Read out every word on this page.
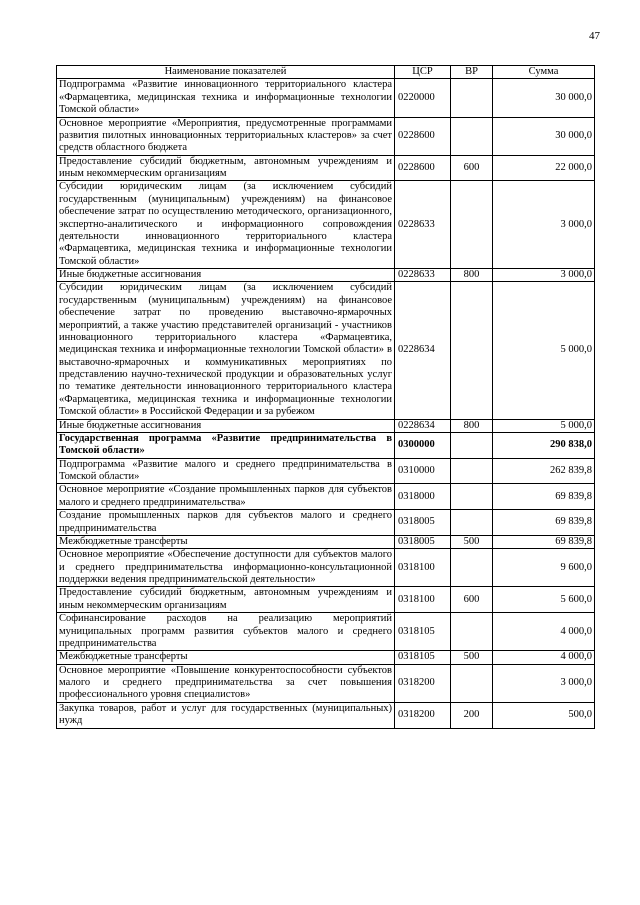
47
Наименование показателей	ЦСР	ВР	Сумма
Подпрограмма «Развитие инновационного территориального кластера «Фармацевтика, медицинская техника и информационные технологии Томской области»	0220000		30 000,0
Основное мероприятие «Мероприятия, предусмотренные программами развития пилотных инновационных территориальных кластеров» за счет средств областного бюджета	0228600		30 000,0
Предоставление субсидий бюджетным, автономным учреждениям и иным некоммерческим организациям	0228600	600	22 000,0
Субсидии юридическим лицам (за исключением субсидий государственным (муниципальным) учреждениям) на финансовое обеспечение затрат по осуществлению методического, организационного, экспертно-аналитического и информационного сопровождения деятельности инновационного территориального кластера «Фармацевтика, медицинская техника и информационные технологии Томской области»	0228633		3 000,0
Иные бюджетные ассигнования	0228633	800	3 000,0
Субсидии юридическим лицам (за исключением субсидий государственным (муниципальным) учреждениям) на финансовое обеспечение затрат по проведению выставочно-ярмарочных мероприятий, а также участию представителей организаций - участников инновационного территориального кластера «Фармацевтика, медицинская техника и информационные технологии Томской области» в выставочно-ярмарочных и коммуникативных мероприятиях по представлению научно-технической продукции и образовательных услуг по тематике деятельности инновационного территориального кластера «Фармацевтика, медицинская техника и информационные технологии Томской области» в Российской Федерации и за рубежом	0228634		5 000,0
Иные бюджетные ассигнования	0228634	800	5 000,0
Государственная программа «Развитие предпринимательства в Томской области»	0300000		290 838,0
Подпрограмма «Развитие малого и среднего предпринимательства в Томской области»	0310000		262 839,8
Основное мероприятие «Создание промышленных парков для субъектов малого и среднего предпринимательства»	0318000		69 839,8
Создание промышленных парков для субъектов малого и среднего предпринимательства	0318005		69 839,8
Межбюджетные трансферты	0318005	500	69 839,8
Основное мероприятие «Обеспечение доступности для субъектов малого и среднего предпринимательства информационно-консультационной поддержки ведения предпринимательской деятельности»	0318100		9 600,0
Предоставление субсидий бюджетным, автономным учреждениям и иным некоммерческим организациям	0318100	600	5 600,0
Софинансирование расходов на реализацию мероприятий муниципальных программ развития субъектов малого и среднего предпринимательства	0318105		4 000,0
Межбюджетные трансферты	0318105	500	4 000,0
Основное мероприятие «Повышение конкурентоспособности субъектов малого и среднего предпринимательства за счет повышения профессионального уровня специалистов»	0318200		3 000,0
Закупка товаров, работ и услуг для государственных (муниципальных) нужд	0318200	200	500,0
